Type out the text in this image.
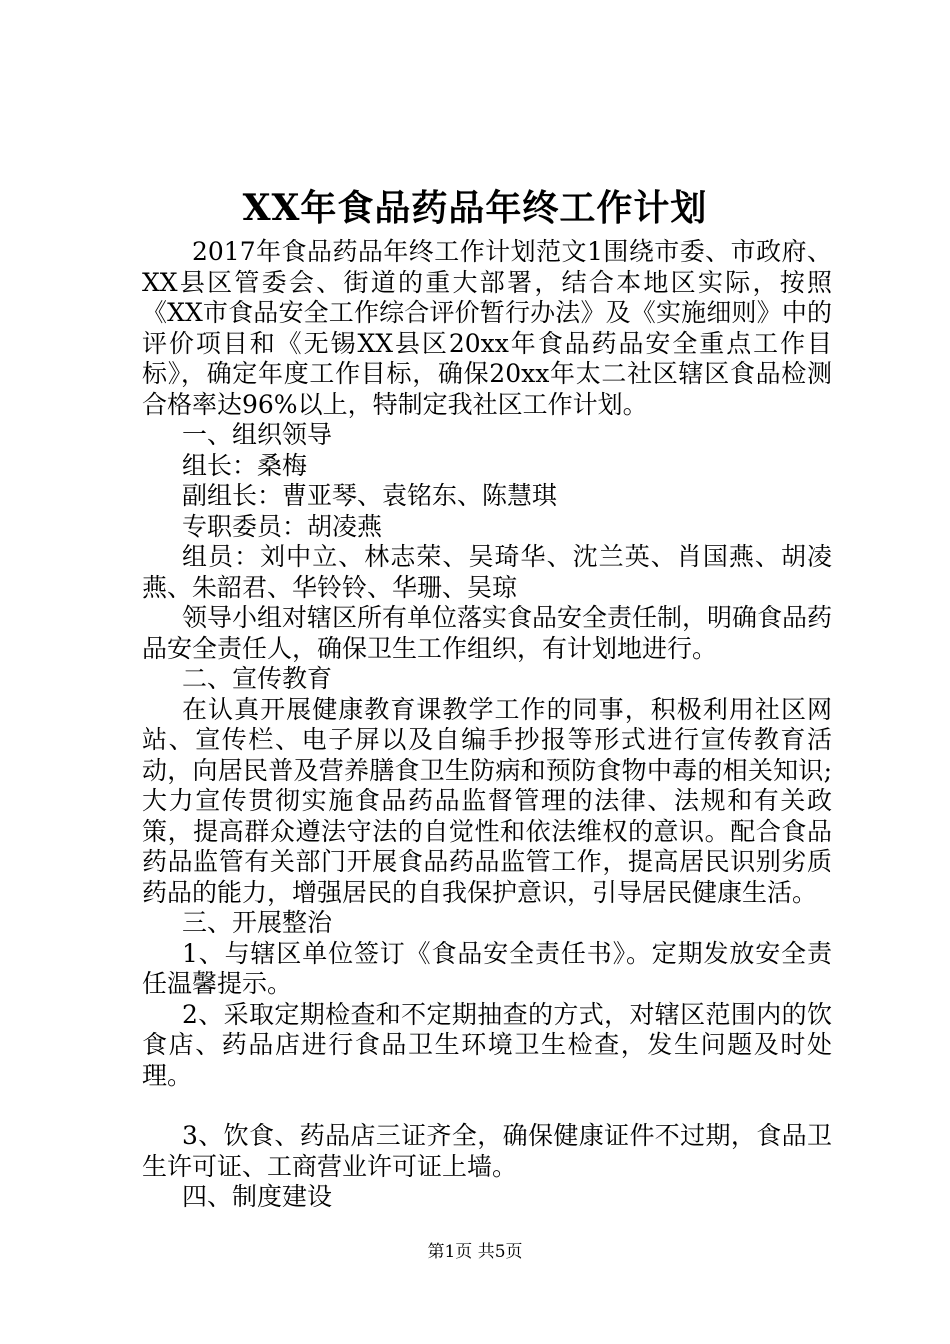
XX年食品药品年终工作计划

2017年食品药品年终工作计划范文1围绕市委、市政府、XX县区管委会、街道的重大部署，结合本地区实际，按照《XX市食品安全工作综合评价暂行办法》及《实施细则》中的评价项目和《无锡XX县区20xx年食品药品安全重点工作目标》，确定年度工作目标，确保20xx年太二社区辖区食品检测合格率达96%以上，特制定我社区工作计划。

一、组织领导

组长：桑梅

副组长：曹亚琴、袁铭东、陈慧琪

专职委员：胡凌燕

组员：刘中立、林志荣、吴琦华、沈兰英、肖国燕、胡凌燕、朱韶君、华铃铃、华珊、吴琼

领导小组对辖区所有单位落实食品安全责任制，明确食品药品安全责任人，确保卫生工作组织，有计划地进行。

二、宣传教育

在认真开展健康教育课教学工作的同事，积极利用社区网站、宣传栏、电子屏以及自编手抄报等形式进行宣传教育活动，向居民普及营养膳食卫生防病和预防食物中毒的相关知识;大力宣传贯彻实施食品药品监督管理的法律、法规和有关政策，提高群众遵法守法的自觉性和依法维权的意识。配合食品药品监管有关部门开展食品药品监管工作，提高居民识别劣质药品的能力，增强居民的自我保护意识，引导居民健康生活。

三、开展整治

1、与辖区单位签订《食品安全责任书》。定期发放安全责任温馨提示。

2、采取定期检查和不定期抽查的方式，对辖区范围内的饮食店、药品店进行食品卫生环境卫生检查，发生问题及时处理。

3、饮食、药品店三证齐全，确保健康证件不过期，食品卫生许可证、工商营业许可证上墙。

四、制度建设

第1页 共5页
